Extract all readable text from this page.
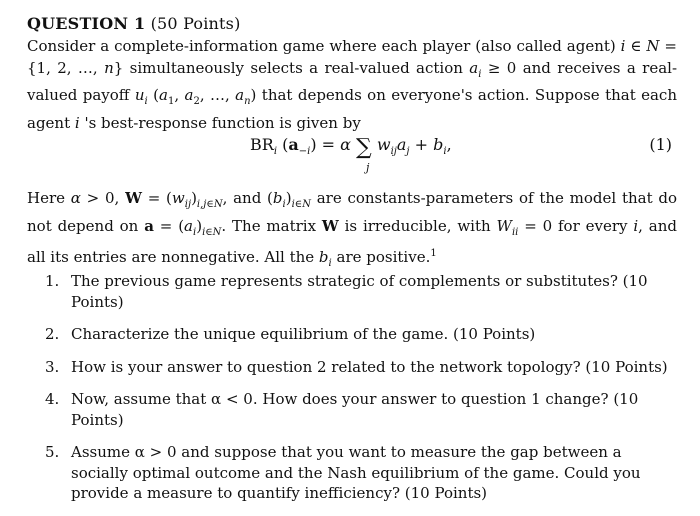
QUESTION 1 (50 Points)
Consider a complete-information game where each player (also called agent) i ∈ N = {1, 2, …, n} simultaneously selects a real-valued action $a_i \ge 0$ and receives a real-valued payoff $u_i$ ($a_1$, $a_2$, …, $a_n$) that depends on everyone's action. Suppose that each agent i 's best-response function is given by
$BR_i$ $(a_{-i}) = \alpha$ ∑ $w_{ij}a_j + b_i$,
j
(1)
Here α > 0, $W = (w_{ij})_{i,j\in N}$, and $(b_i)_{i\in N}$ are constants-parameters of the model that do not depend on $a = (a_i)_{i\in N}$. The matrix W is irreducible, with $W_{ii} = 0$ for every i, and all its entries are nonnegative. All the $b_i$ are positive.$^1$
1. The previous game represents strategic of complements or substitutes? (10 Points)
2. Characterize the unique equilibrium of the game. (10 Points)
3. How is your answer to question 2 related to the network topology? (10 Points)
4. Now, assume that α < 0. How does your answer to question 1 change? (10 Points)
5. Assume α > 0 and suppose that you want to measure the gap between a socially optimal outcome and the Nash equilibrium of the game. Could you provide a measure to quantify inefficiency? (10 Points)
